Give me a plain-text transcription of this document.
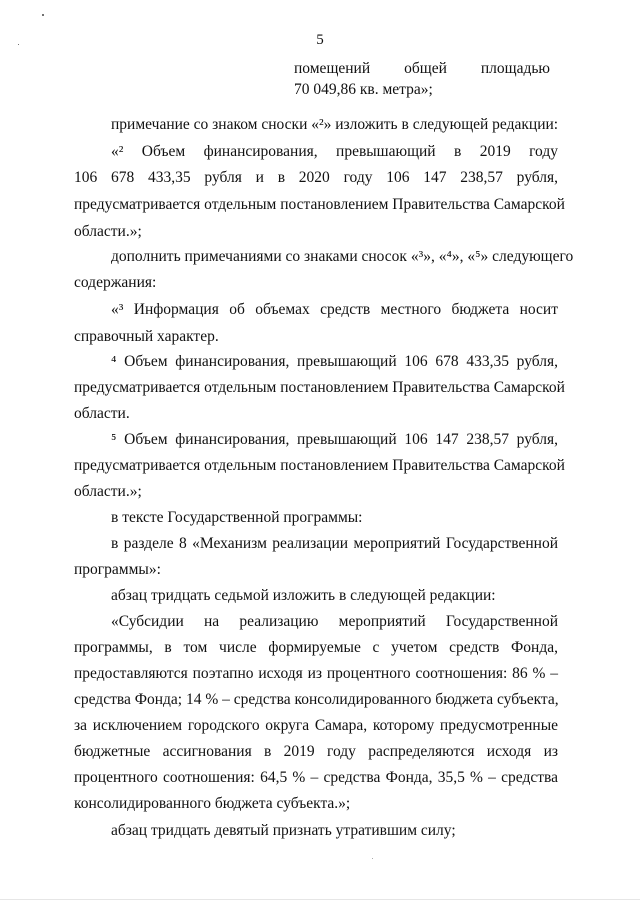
5
помещений общей площадью
70 049,86 кв. метра»;
примечание со знаком сноски «²» изложить в следующей редакции:
«² Объем финансирования, превышающий в 2019 году
106 678 433,35 рубля и в 2020 году 106 147 238,57 рубля,
предусматривается отдельным постановлением Правительства Самарской
области.»;
дополнить примечаниями со знаками сносок «³», «⁴», «⁵» следующего
содержания:
«³ Информация об объемах средств местного бюджета носит
справочный характер.
⁴ Объем финансирования, превышающий 106 678 433,35 рубля,
предусматривается отдельным постановлением Правительства Самарской
области.
⁵ Объем финансирования, превышающий 106 147 238,57 рубля,
предусматривается отдельным постановлением Правительства Самарской
области.»;
в тексте Государственной программы:
в разделе 8 «Механизм реализации мероприятий Государственной
программы»:
абзац тридцать седьмой изложить в следующей редакции:
«Субсидии на реализацию мероприятий Государственной
программы, в том числе формируемые с учетом средств Фонда,
предоставляются поэтапно исходя из процентного соотношения: 86 % –
средства Фонда; 14 % – средства консолидированного бюджета субъекта,
за исключением городского округа Самара, которому предусмотренные
бюджетные ассигнования в 2019 году распределяются исходя из
процентного соотношения: 64,5 % – средства Фонда, 35,5 % – средства
консолидированного бюджета субъекта.»;
абзац тридцать девятый признать утратившим силу;
